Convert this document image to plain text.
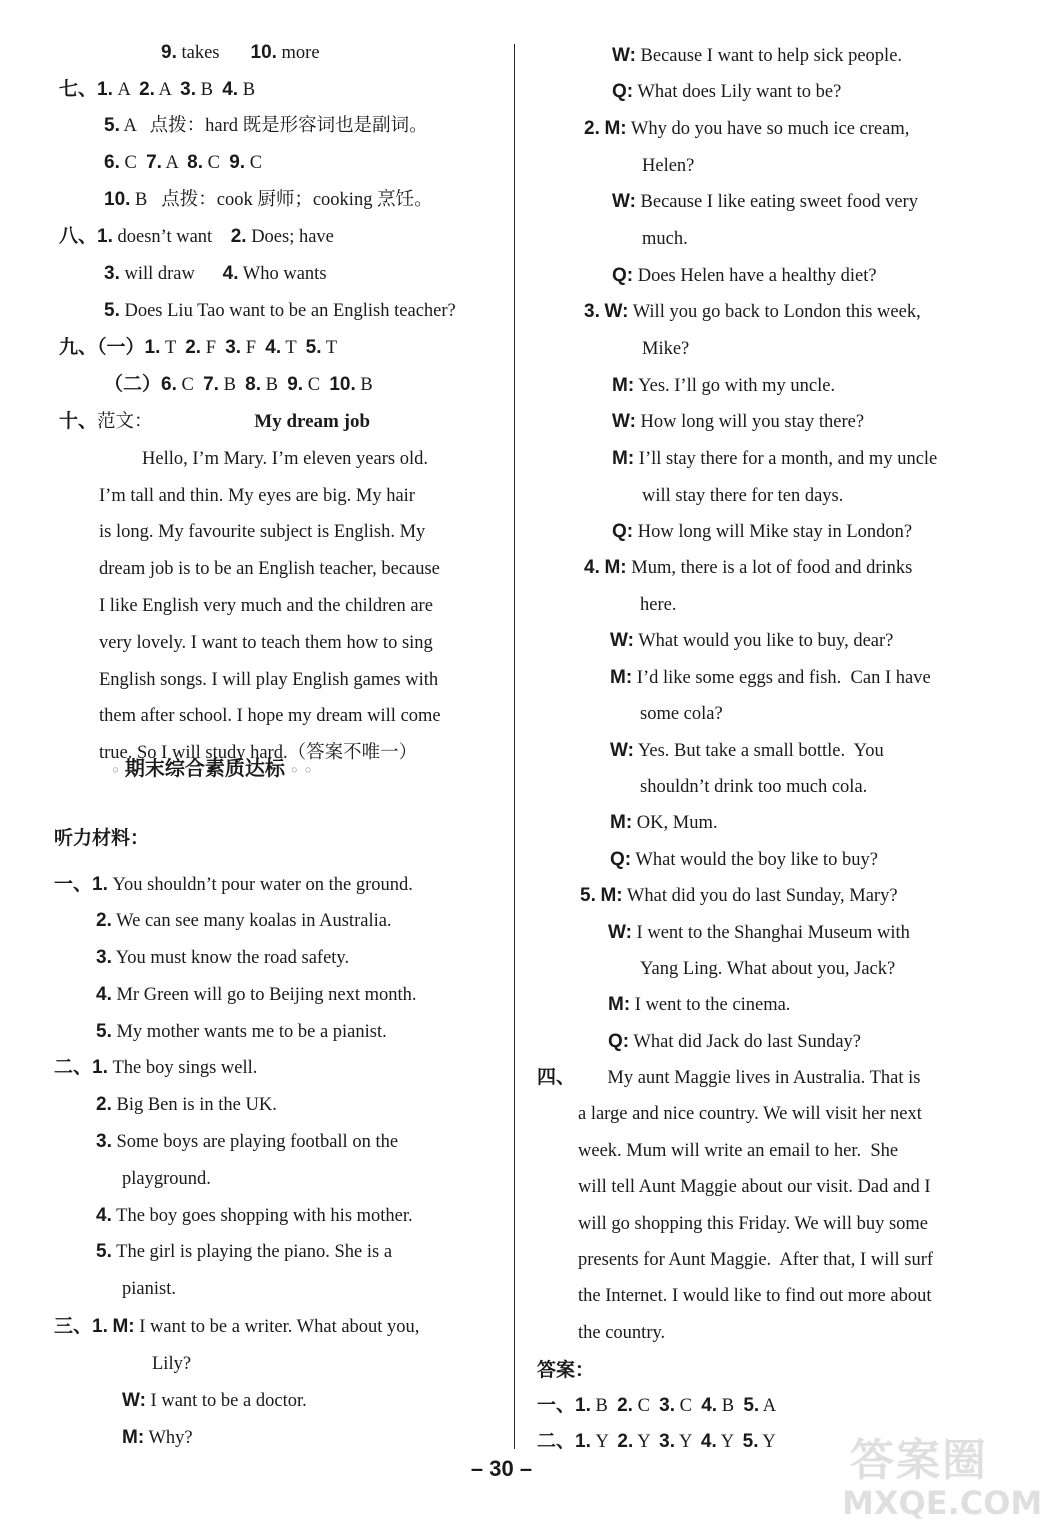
9. takes 10. more
七、1. A  2. A  3. B  4. B
5. A   点拨：hard 既是形容词也是副词。
6. C  7. A  8. C  9. C
10. B   点拨：cook 厨师；cooking 烹饪。
八、1. doesn’t want    2. Does; have
3. will draw      4. Who wants
5. Does Liu Tao want to be an English teacher?
九、（一）1. T  2. F  3. F  4. T  5. T
（二）6. C  7. B  8. B  9. C  10. B
十、范文：	My dream job
Hello, I’m Mary. I’m eleven years old.
I’m tall and thin. My eyes are big. My hair
is long. My favourite subject is English. My
dream job is to be an English teacher, because
I like English very much and the children are
very lovely. I want to teach them how to sing
English songs. I will play English games with
them after school. I hope my dream will come
true. So I will study hard.（答案不唯一）
听力材料：
一、1. You shouldn’t pour water on the ground.
2. We can see many koalas in Australia.
3. You must know the road safety.
4. Mr Green will go to Beijing next month.
5. My mother wants me to be a pianist.
二、1. The boy sings well.
2. Big Ben is in the UK.
3. Some boys are playing football on the
playground.
4. The boy goes shopping with his mother.
5. The girl is playing the piano. She is a
pianist.
三、1. M: I want to be a writer. What about you,
Lily?
W: I want to be a doctor.
M: Why?
W: Because I want to help sick people.
Q: What does Lily want to be?
2. M: Why do you have so much ice cream,
Helen?
W: Because I like eating sweet food very
much.
Q: Does Helen have a healthy diet?
3. W: Will you go back to London this week,
Mike?
M: Yes. I’ll go with my uncle.
W: How long will you stay there?
M: I’ll stay there for a month, and my uncle
will stay there for ten days.
Q: How long will Mike stay in London?
4. M: Mum, there is a lot of food and drinks
here.
W: What would you like to buy, dear?
M: I’d like some eggs and fish.  Can I have
some cola?
W: Yes. But take a small bottle.  You
shouldn’t drink too much cola.
M: OK, Mum.
Q: What would the boy like to buy?
5. M: What did you do last Sunday, Mary?
W: I went to the Shanghai Museum with
Yang Ling. What about you, Jack?
M: I went to the cinema.
Q: What did Jack do last Sunday?
四、       My aunt Maggie lives in Australia. That is
a large and nice country. We will visit her next
week. Mum will write an email to her.  She
will tell Aunt Maggie about our visit. Dad and I
will go shopping this Friday. We will buy some
presents for Aunt Maggie.  After that, I will surf
the Internet. I would like to find out more about
the country.
答案：
一、1. B  2. C  3. C  4. B  5. A
二、1. Y  2. Y  3. Y  4. Y  5. Y
◦ 期末综合素质达标 ◦ ◦
– 30 –	答案圈
MXQE.COM
